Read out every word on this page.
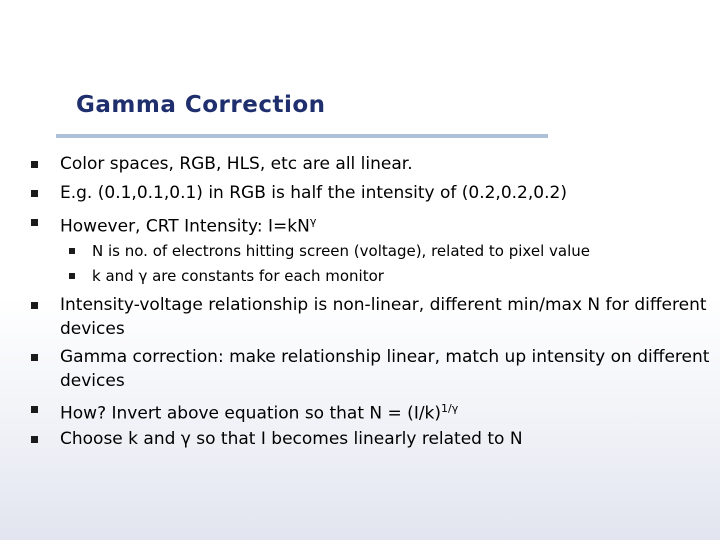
Gamma Correction
Color spaces, RGB, HLS, etc are all linear.
E.g. (0.1,0.1,0.1) in RGB is half the intensity of (0.2,0.2,0.2)
However, CRT Intensity: $I=kN^\gamma$
N is no. of electrons hitting screen (voltage), related to pixel value
k and γ are constants for each monitor
Intensity-voltage relationship is non-linear, different min/max N for different devices
Gamma correction: make relationship linear, match up intensity on different devices
How? Invert above equation so that $N = (I/k)^{1/\gamma}$
Choose k and γ so that I becomes linearly related to N
